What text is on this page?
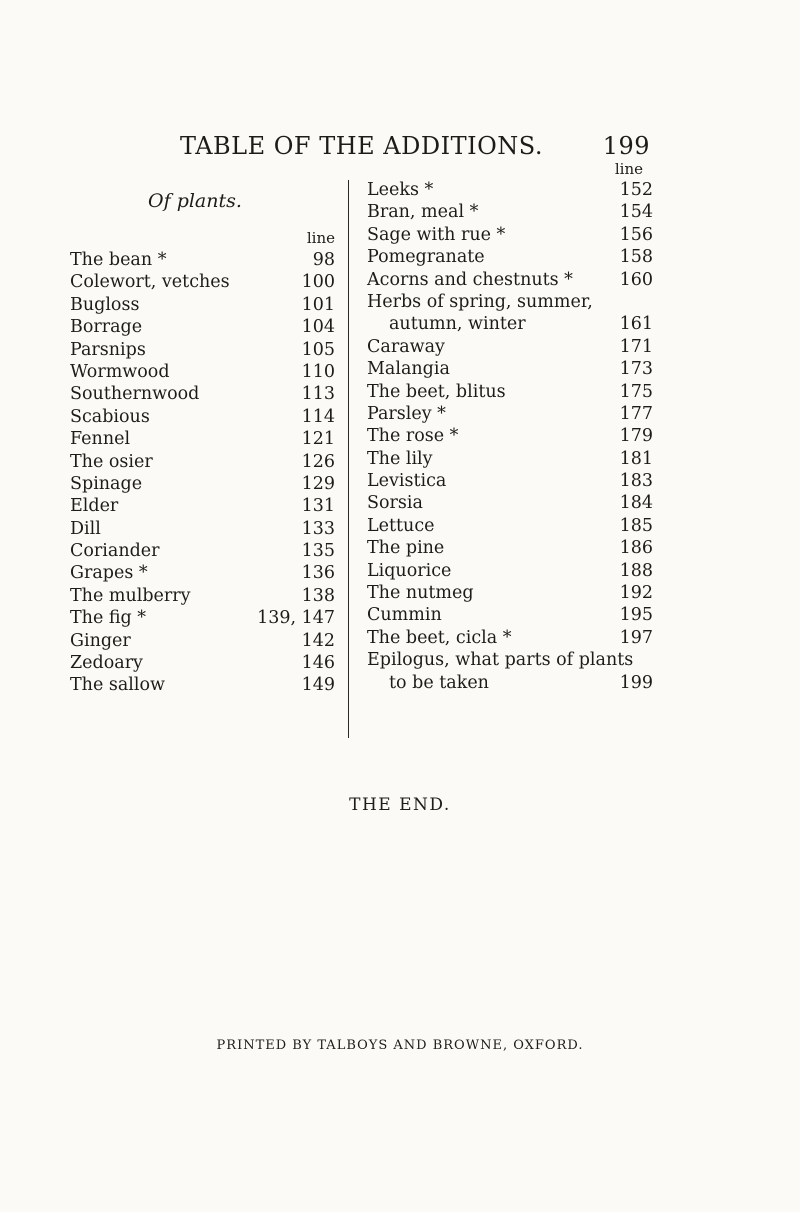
TABLE OF THE ADDITIONS. 199
Of plants.
line
The bean *	98
Colewort, vetches	100
Bugloss	101
Borrage	104
Parsnips	105
Wormwood	110
Southernwood	113
Scabious	114
Fennel	121
The osier	126
Spinage	129
Elder	131
Dill	133
Coriander	135
Grapes *	136
The mulberry	138
The fig *	139, 147
Ginger	142
Zedoary	146
The sallow	149
line
Leeks *	152
Bran, meal *	154
Sage with rue *	156
Pomegranate	158
Acorns and chestnuts *	160
Herbs of spring, summer,
autumn, winter	161
Caraway	171
Malangia	173
The beet, blitus	175
Parsley *	177
The rose *	179
The lily	181
Levistica	183
Sorsia	184
Lettuce	185
The pine	186
Liquorice	188
The nutmeg	192
Cummin	195
The beet, cicla *	197
Epilogus, what parts of plants
to be taken	199
THE END.
PRINTED BY TALBOYS AND BROWNE, OXFORD.
